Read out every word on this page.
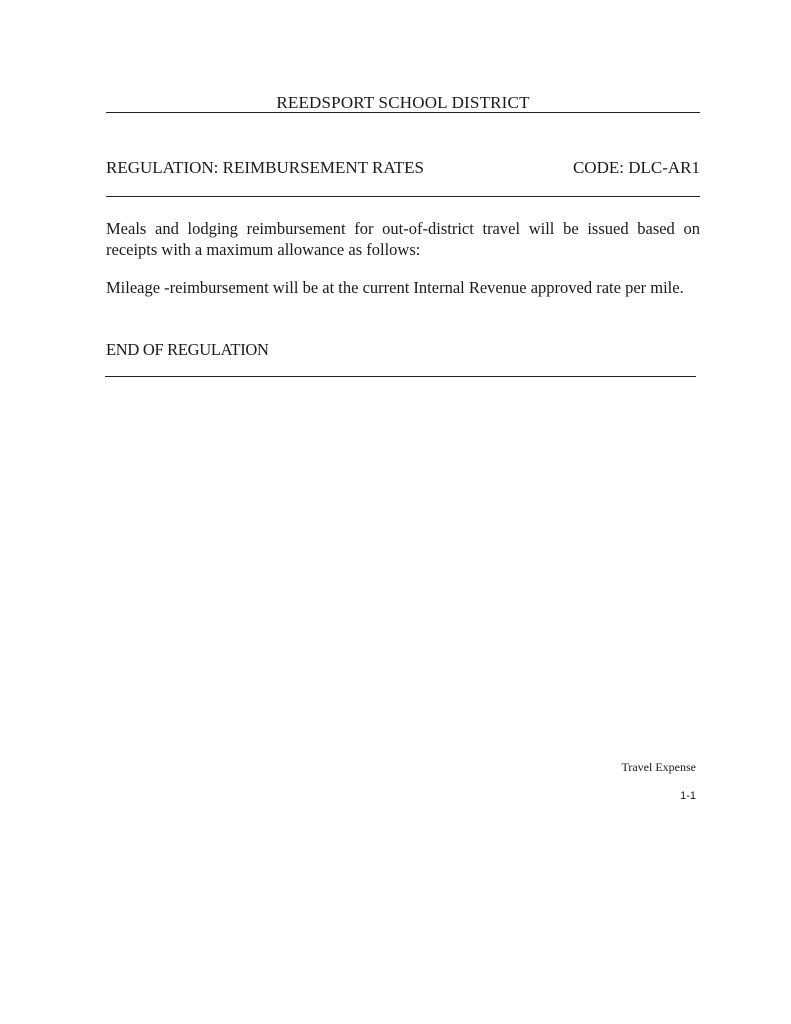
REEDSPORT SCHOOL DISTRICT
REGULATION: REIMBURSEMENT RATES	CODE: DLC-AR1

Meals and lodging reimbursement for out-of-district travel will be issued based on receipts with a maximum allowance as follows:

Mileage -reimbursement will be at the current Internal Revenue approved rate per mile.

END OF REGULATION
Travel Expense
1-1
